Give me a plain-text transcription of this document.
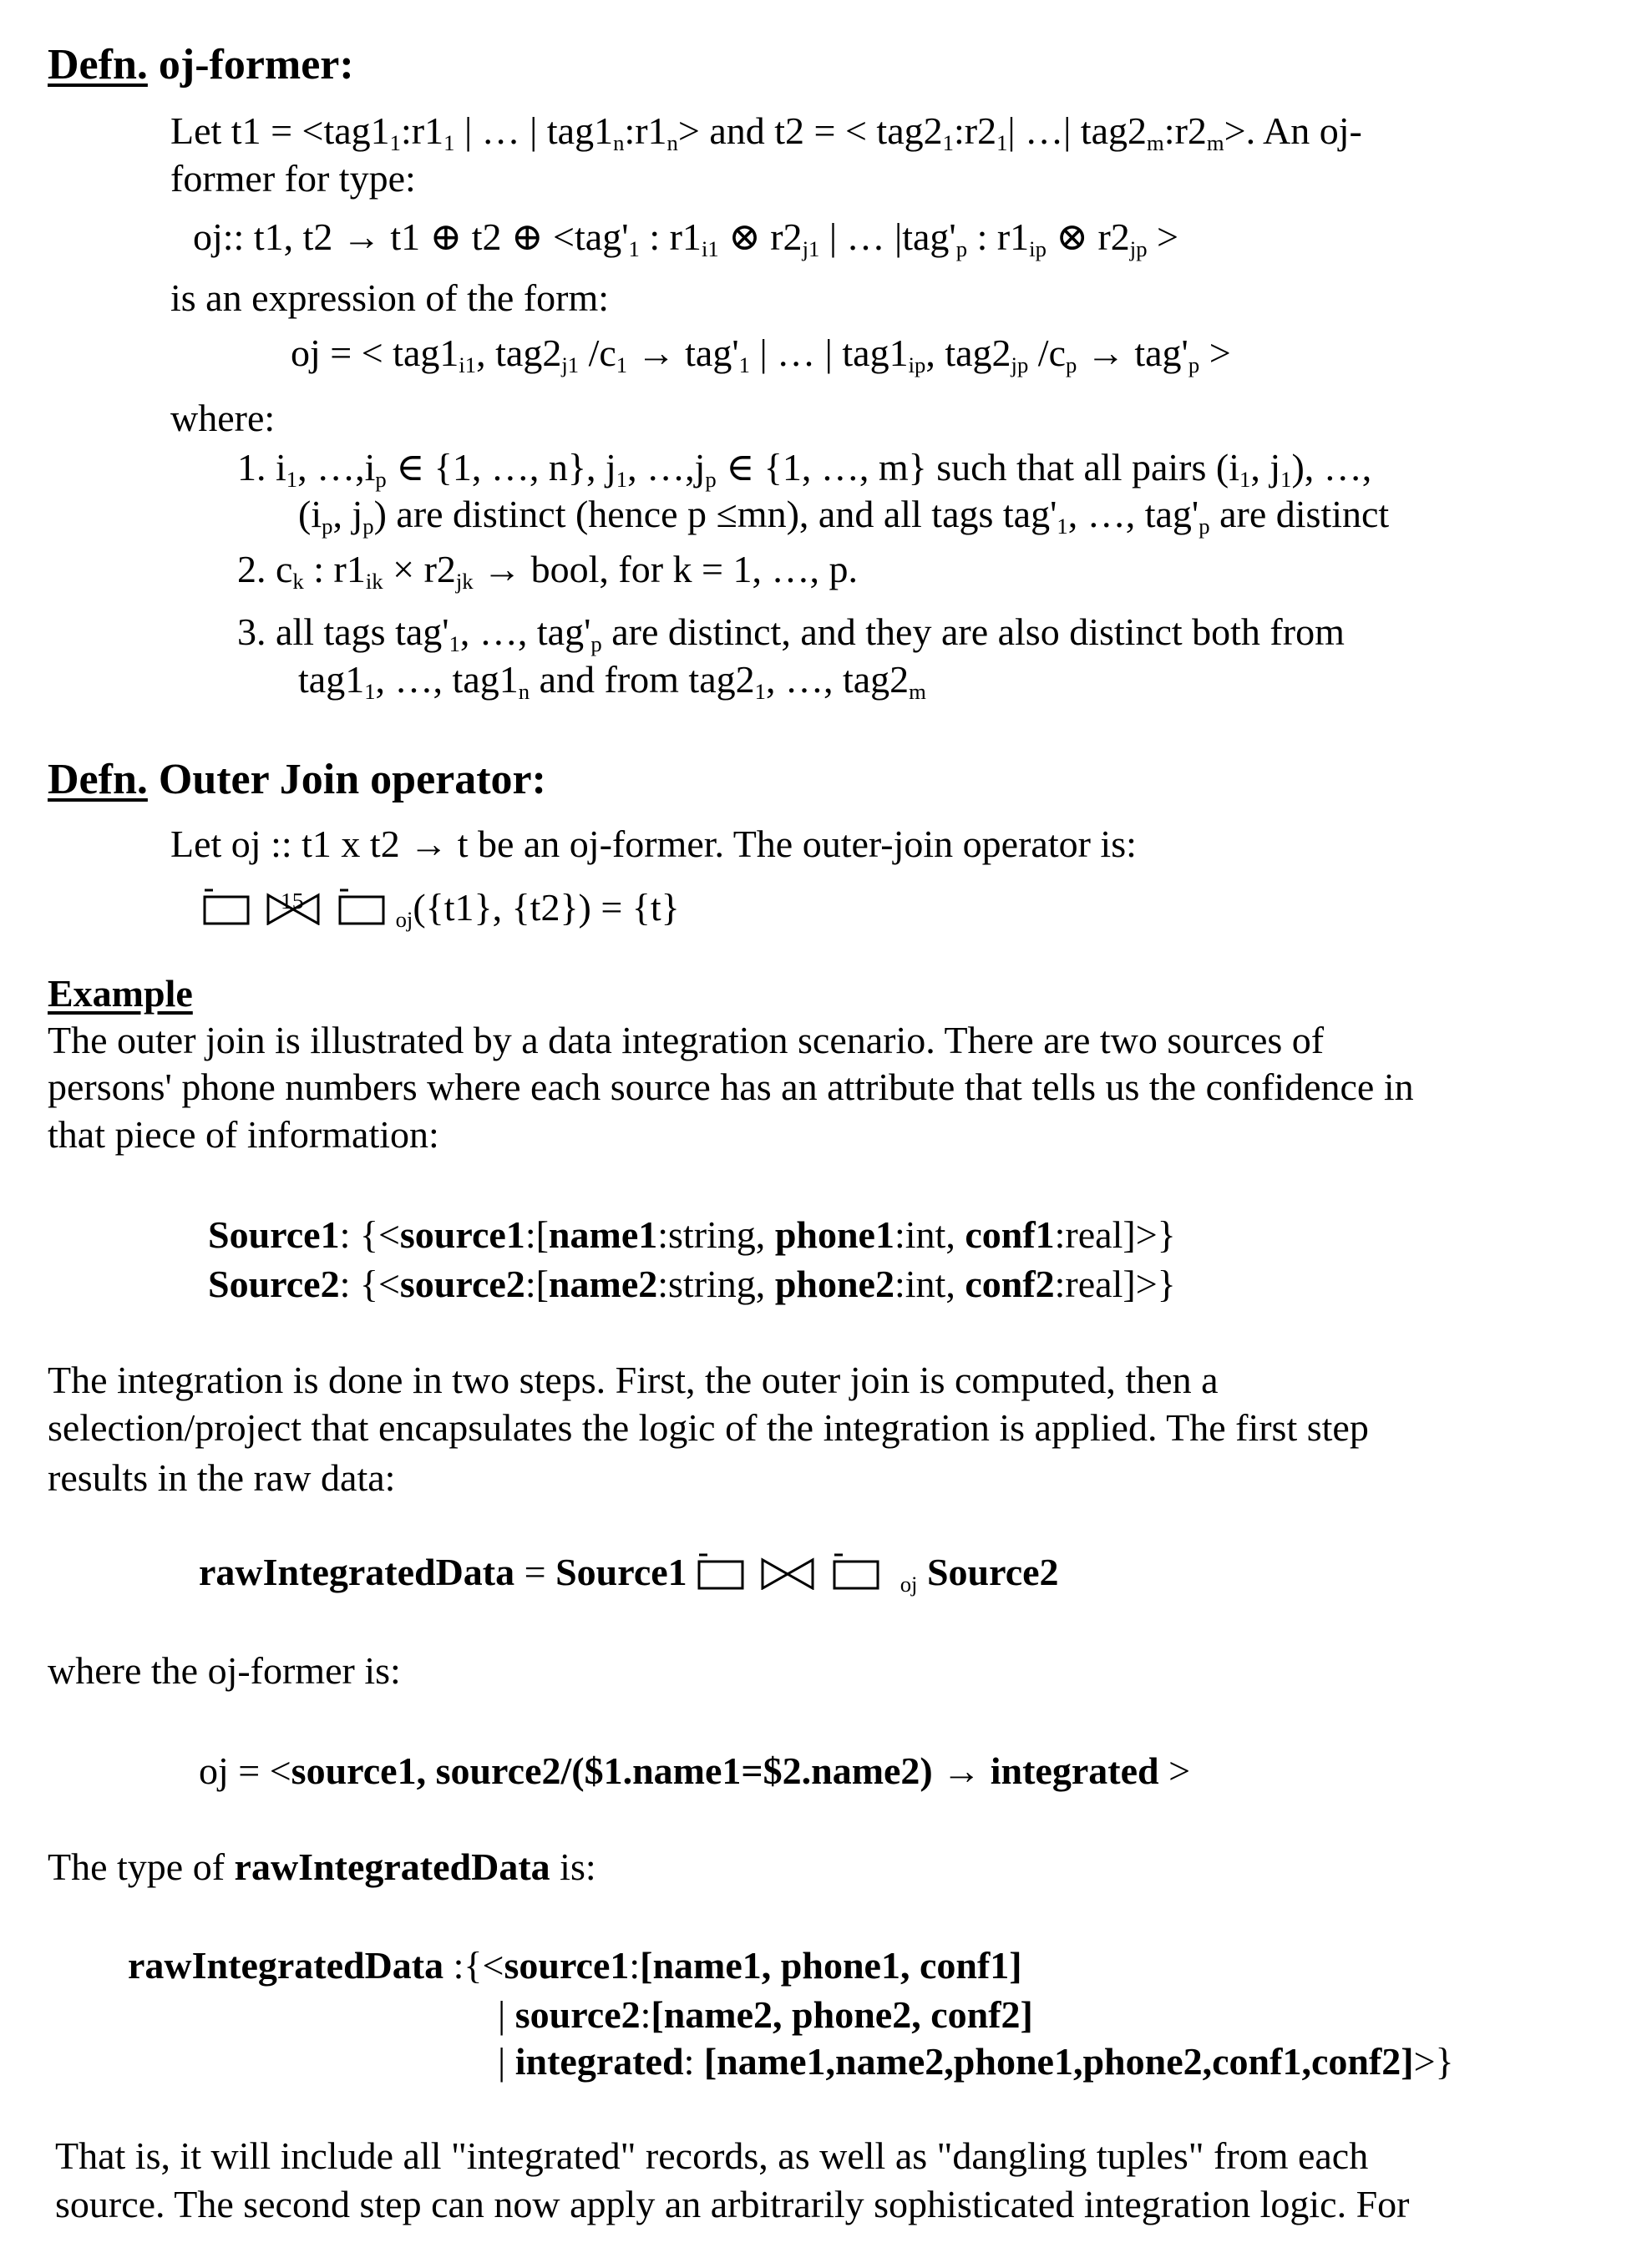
Defn. oj-former:
Let t1 = <tag11:r11 | … | tag1n:r1n> and t2 = < tag21:r21| …| tag2m:r2m>. An oj-
former for type:
oj:: t1, t2 → t1 ⊕ t2 ⊕ <tag'1 : r1i1 ⊗ r2j1 | … |tag'p : r1ip ⊗ r2jp >
is an expression of the form:
oj = < tag1i1, tag2j1 /c1 → tag'1 | … | tag1ip, tag2jp /cp → tag'p >
where:
1. i1, …,ip ∈ {1, …, n}, j1, …,jp ∈ {1, …, m} such that all pairs (i1, j1), …,
(ip, jp) are distinct (hence p ≤mn), and all tags tag'1, …, tag'p are distinct
2. ck : r1ik × r2jk → bool, for k = 1, …, p.
3. all tags tag'1, …, tag'p are distinct, and they are also distinct both from
tag11, …, tag1n and from tag21, …, tag2m
Defn. Outer Join operator:
Let oj :: t1 x t2 → t be an oj-former. The outer-join operator is:
15oj({t1}, {t2}) = {t}
Example
The outer join is illustrated by a data integration scenario. There are two sources of
persons' phone numbers where each source has an attribute that tells us the confidence in
that piece of information:
Source1: {<source1:[name1:string, phone1:int, conf1:real]>}
Source2: {<source2:[name2:string, phone2:int, conf2:real]>}
The integration is done in two steps. First, the outer join is computed, then a
selection/project that encapsulates the logic of the integration is applied. The first step
results in the raw data:
rawIntegratedData = Source1	oj Source2
where the oj-former is:
oj = <source1, source2/($1.name1=$2.name2) → integrated >
The type of rawIntegratedData is:
rawIntegratedData :{<source1:[name1, phone1, conf1]
| source2:[name2, phone2, conf2]
| integrated: [name1,name2,phone1,phone2,conf1,conf2]>}
That is, it will include all "integrated" records, as well as "dangling tuples" from each
source. The second step can now apply an arbitrarily sophisticated integration logic. For
